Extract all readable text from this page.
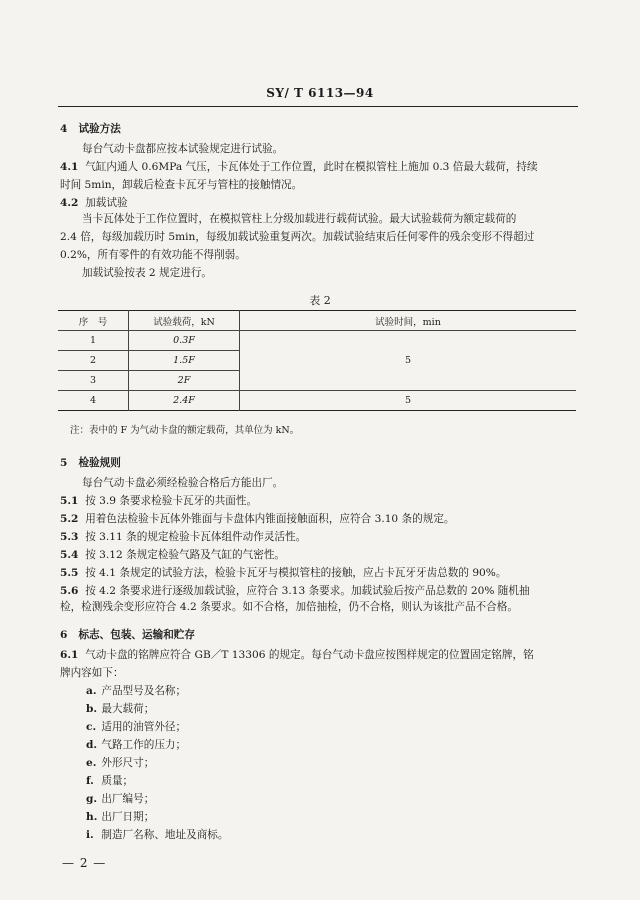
SY/ T 6113—94
4 试验方法
每台气动卡盘都应按本试验规定进行试验。
4.1 气缸内通人 0.6MPa 气压，卡瓦体处于工作位置，此时在模拟管柱上施加 0.3 倍最大载荷，持续
时间 5min，卸载后检查卡瓦牙与管柱的接触情况。
4.2 加载试验
当卡瓦体处于工作位置时，在模拟管柱上分级加载进行载荷试验。最大试验载荷为额定载荷的
2.4 倍，每级加载历时 5min，每级加载试验重复两次。加载试验结束后任何零件的残余变形不得超过
0.2%，所有零件的有效功能不得削弱。
加载试验按表 2 规定进行。
表 2
序　号	试验载荷，kN	试验时间，min
1	0.3F	5
2	1.5F	
3	2F	
4	2.4F	5
注：表中的 F 为气动卡盘的额定载荷，其单位为 kN。
5 检验规则
每台气动卡盘必须经检验合格后方能出厂。
5.1 按 3.9 条要求检验卡瓦牙的共面性。
5.2 用着色法检验卡瓦体外锥面与卡盘体内锥面接触面积，应符合 3.10 条的规定。
5.3 按 3.11 条的规定检验卡瓦体组件动作灵活性。
5.4 按 3.12 条规定检验气路及气缸的气密性。
5.5 按 4.1 条规定的试验方法，检验卡瓦牙与模拟管柱的接触，应占卡瓦牙牙齿总数的 90%。
5.6 按 4.2 条要求进行逐级加载试验，应符合 3.13 条要求。加载试验后按产品总数的 20% 随机抽
检，检测残余变形应符合 4.2 条要求。如不合格，加倍抽检，仍不合格，则认为该批产品不合格。
6 标志、包装、运输和贮存
6.1 气动卡盘的铭牌应符合 GB／T 13306 的规定。每台气动卡盘应按图样规定的位置固定铭牌，铭
牌内容如下：
a. 产品型号及名称；
b. 最大载荷；
c. 适用的油管外径；
d. 气路工作的压力；
e. 外形尺寸；
f. 质量；
g. 出厂编号；
h. 出厂日期；
i. 制造厂名称、地址及商标。
— 2 —
